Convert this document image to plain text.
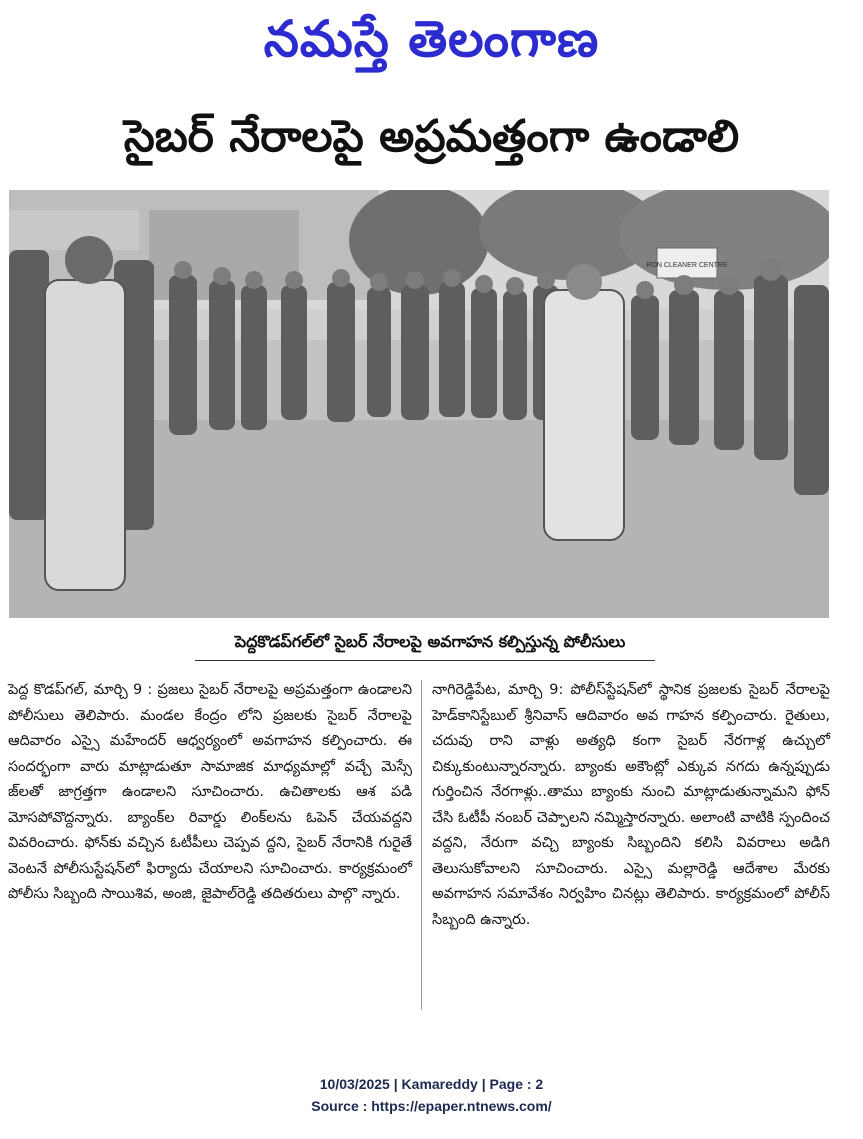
నమస్తే తెలంగాణ
సైబర్ నేరాలపై అప్రమత్తంగా ఉండాలి
RON CLEANER CENTRE
పెద్దకొడప్‌గల్‌లో సైబర్ నేరాలపై అవగాహన కల్పిస్తున్న పోలీసులు
పెద్ద కొడప్‌గల్, మార్చి 9 : ప్రజలు సైబర్ నేరాలపై అప్రమత్తంగా ఉండాలని పోలీసులు తెలిపారు. మండల కేంద్రం లోని ప్రజలకు సైబర్ నేరాలపై ఆదివారం ఎస్సై మహేందర్ ఆధ్వర్యంలో అవగాహన కల్పించారు. ఈ సందర్భంగా వారు మాట్లాడుతూ సామాజిక మాధ్యమాల్లో వచ్చే మెస్సే జ్‌లతో జాగ్రత్తగా ఉండాలని సూచించారు. ఉచితాలకు ఆశ పడి మోసపోవొద్దన్నారు. బ్యాంక్‌ల రివార్డు లింక్‌లను ఓపెన్ చేయవద్దని వివరించారు. ఫోన్‌కు వచ్చిన ఓటీపీలు చెప్పవ ద్దని, సైబర్ నేరానికి గురైతే వెంటనే పోలీసుస్టేషన్‌లో ఫిర్యాదు చేయాలని సూచించారు. కార్యక్రమంలో పోలీసు సిబ్బంది సాయిశివ, అంజి, జైపాల్‌రెడ్డి తదితరులు పాల్గొ న్నారు.
నాగిరెడ్డిపేట, మార్చి 9: పోలీస్‌స్టేషన్‌లో స్థానిక ప్రజలకు సైబర్ నేరాలపై హెడ్‌కానిస్టేబుల్ శ్రీనివాస్ ఆదివారం అవ గాహన కల్పించారు. రైతులు, చదువు రాని వాళ్లు అత్యధి కంగా సైబర్ నేరగాళ్ల ఉచ్చులో చిక్కుకుంటున్నారన్నారు. బ్యాంకు అకౌంట్లో ఎక్కువ నగదు ఉన్నప్పుడు గుర్తించిన నేరగాళ్లు..తాము బ్యాంకు నుంచి మాట్లాడుతున్నామని ఫోన్ చేసి ఓటీపీ నంబర్ చెప్పాలని నమ్మిస్తారన్నారు. అలాంటి వాటికి స్పందించ వద్దని, నేరుగా వచ్చి బ్యాంకు సిబ్బందిని కలిసి వివరాలు అడిగి తెలుసుకోవాలని సూచించారు. ఎస్సై మల్లారెడ్డి ఆదేశాల మేరకు అవగాహన సమావేశం నిర్వహిం చినట్లు తెలిపారు. కార్యక్రమంలో పోలీస్ సిబ్బంది ఉన్నారు.
10/03/2025 | Kamareddy | Page : 2
Source : https://epaper.ntnews.com/
